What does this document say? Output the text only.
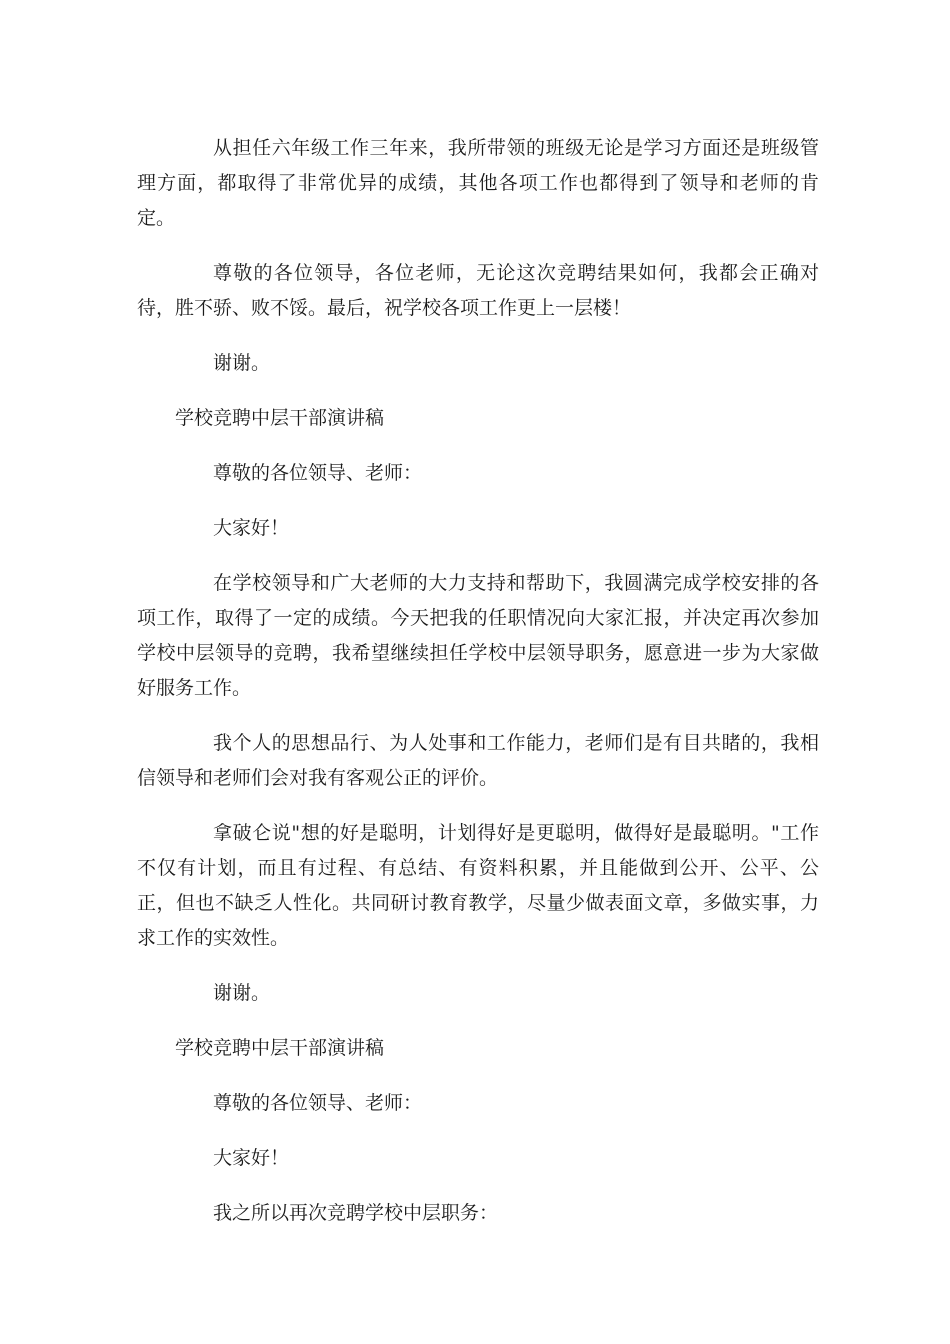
从担任六年级工作三年来，我所带领的班级无论是学习方面还是班级管理方面，都取得了非常优异的成绩，其他各项工作也都得到了领导和老师的肯定。

尊敬的各位领导，各位老师，无论这次竞聘结果如何，我都会正确对待，胜不骄、败不馁。最后，祝学校各项工作更上一层楼！

谢谢。

学校竞聘中层干部演讲稿

尊敬的各位领导、老师：

大家好！

在学校领导和广大老师的大力支持和帮助下，我圆满完成学校安排的各项工作，取得了一定的成绩。今天把我的任职情况向大家汇报，并决定再次参加学校中层领导的竞聘，我希望继续担任学校中层领导职务，愿意进一步为大家做好服务工作。

我个人的思想品行、为人处事和工作能力，老师们是有目共睹的，我相信领导和老师们会对我有客观公正的评价。

拿破仑说"想的好是聪明，计划得好是更聪明，做得好是最聪明。"工作不仅有计划，而且有过程、有总结、有资料积累，并且能做到公开、公平、公正，但也不缺乏人性化。共同研讨教育教学，尽量少做表面文章，多做实事，力求工作的实效性。

谢谢。

学校竞聘中层干部演讲稿

尊敬的各位领导、老师：

大家好！

我之所以再次竞聘学校中层职务：
